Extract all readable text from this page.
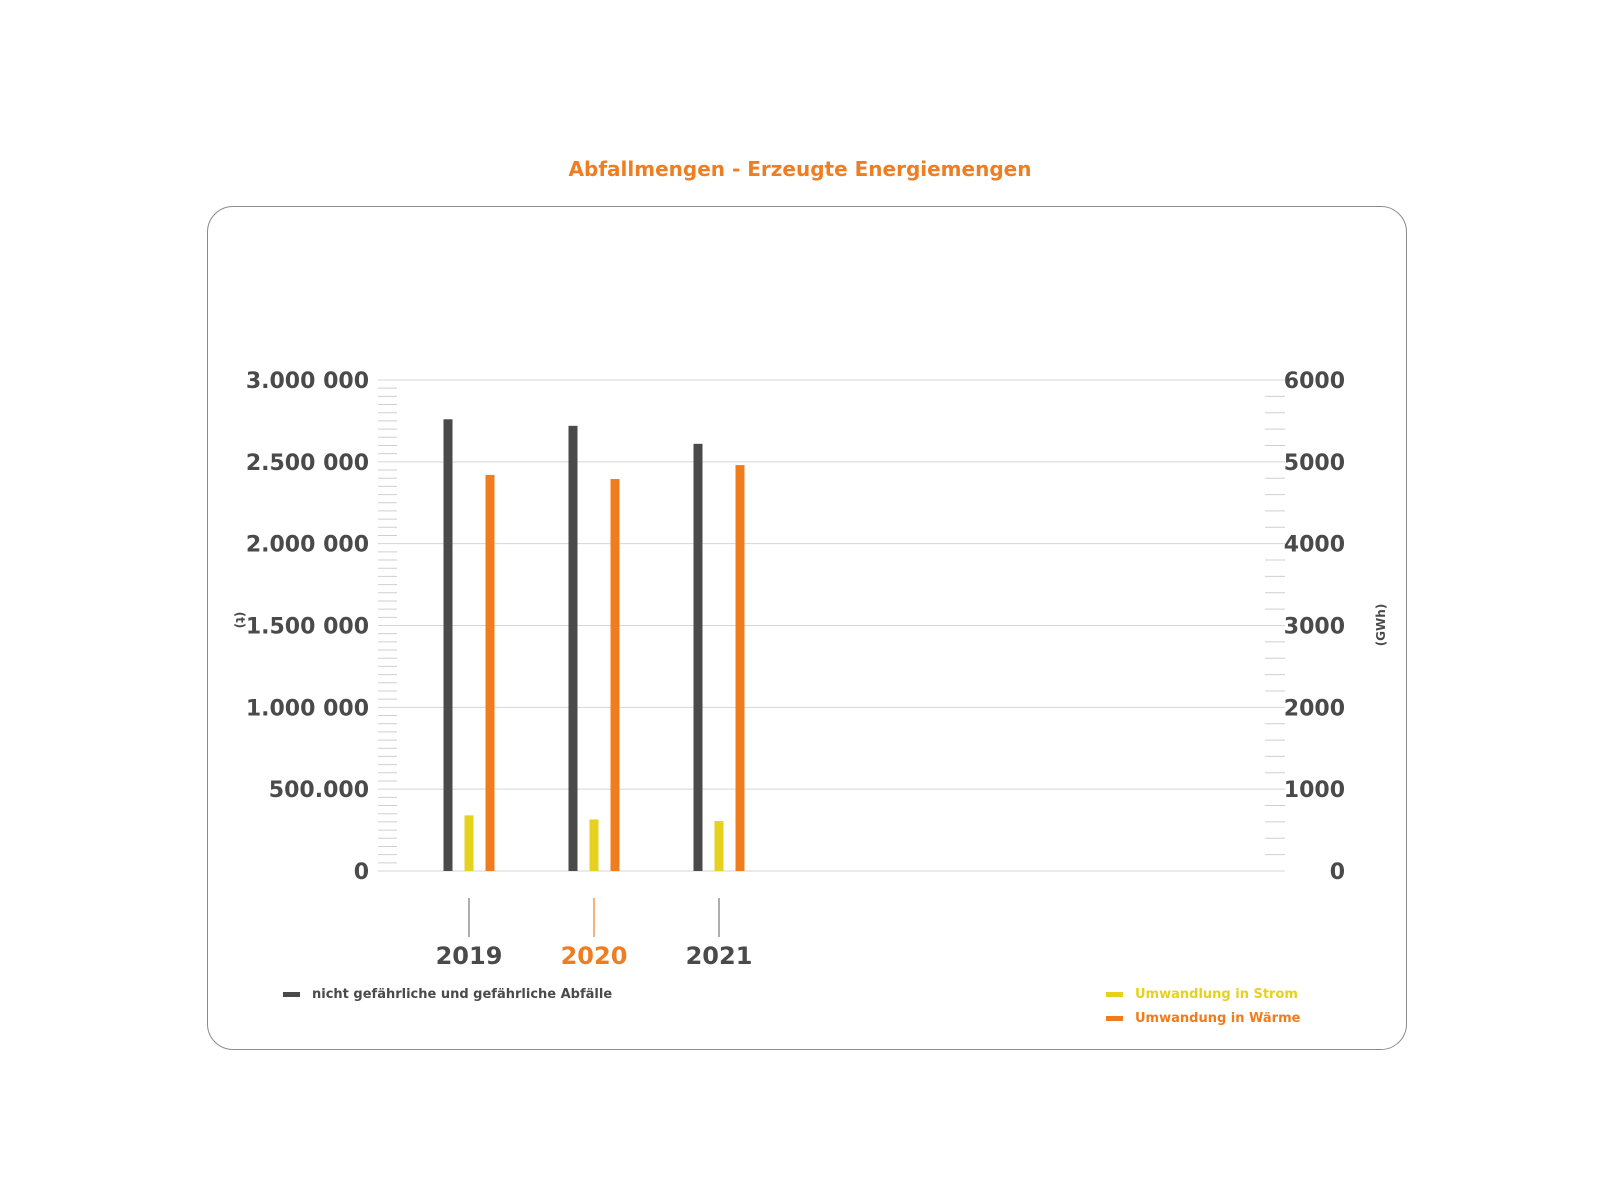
Abfallmengen - Erzeugte Energiemengen
0
500.000
1.000 000
1.500 000
2.000 000
2.500 000
3.000 000
0
1000
2000
3000
4000
5000
6000
2019 2020 2021
(t)	(GWh)
nicht gefährliche und gefährliche Abfälle	Umwandlung in Strom
Umwandung in Wärme
